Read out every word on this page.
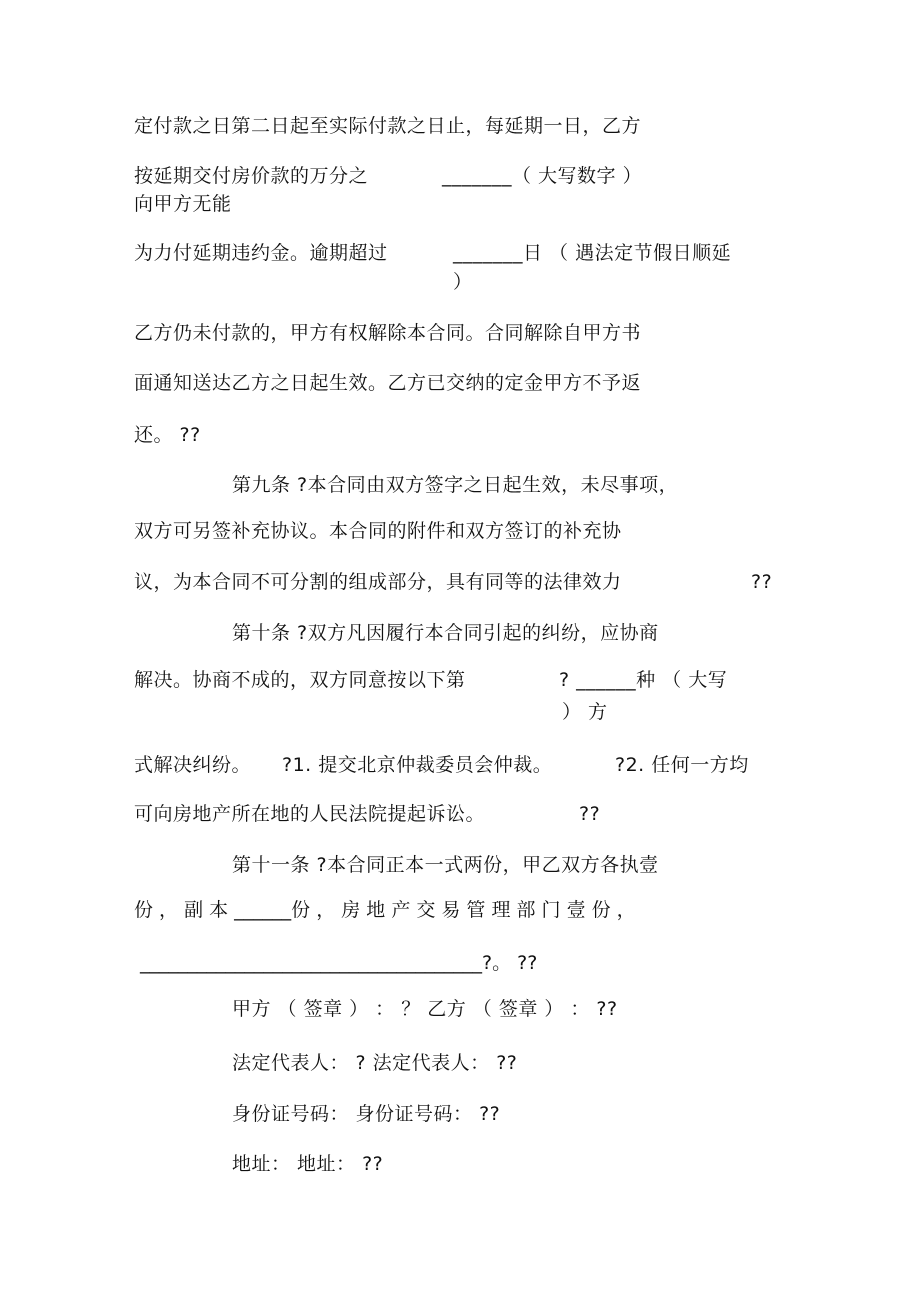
定付款之日第二日起至实际付款之日止，每延期一日，乙方
按延期交付房价款的万分之	_______（ 大写数字 ）
向甲方无能
为力付延期违约金。逾期超过	_______日 （ 遇法定节假日顺延
）
乙方仍未付款的，甲方有权解除本合同。合同解除自甲方书
面通知送达乙方之日起生效。乙方已交纳的定金甲方不予返
还。 ??
第九条 ?本合同由双方签字之日起生效，未尽事项，
双方可另签补充协议。本合同的附件和双方签订的补充协
议，为本合同不可分割的组成部分，具有同等的法律效力	??
第十条 ?双方凡因履行本合同引起的纠纷，应协商
解决。协商不成的，双方同意按以下第	? ______种 （ 大写
） 方
式解决纠纷。 ?1. 提交北京仲裁委员会仲裁。	?2. 任何一方均
可向房地产所在地的人民法院提起诉讼。	??
第十一条 ?本合同正本一式两份，甲乙双方各执壹
份 ， 副 本 ______份 ， 房 地 产 交 易 管 理 部 门 壹 份 ，
____________________________________?。 ??
甲方 （ 签章 ） ： ？ 乙方 （ 签章 ） ： ??
法定代表人： ? 法定代表人： ??
身份证号码： 身份证号码： ??
地址： 地址： ??
